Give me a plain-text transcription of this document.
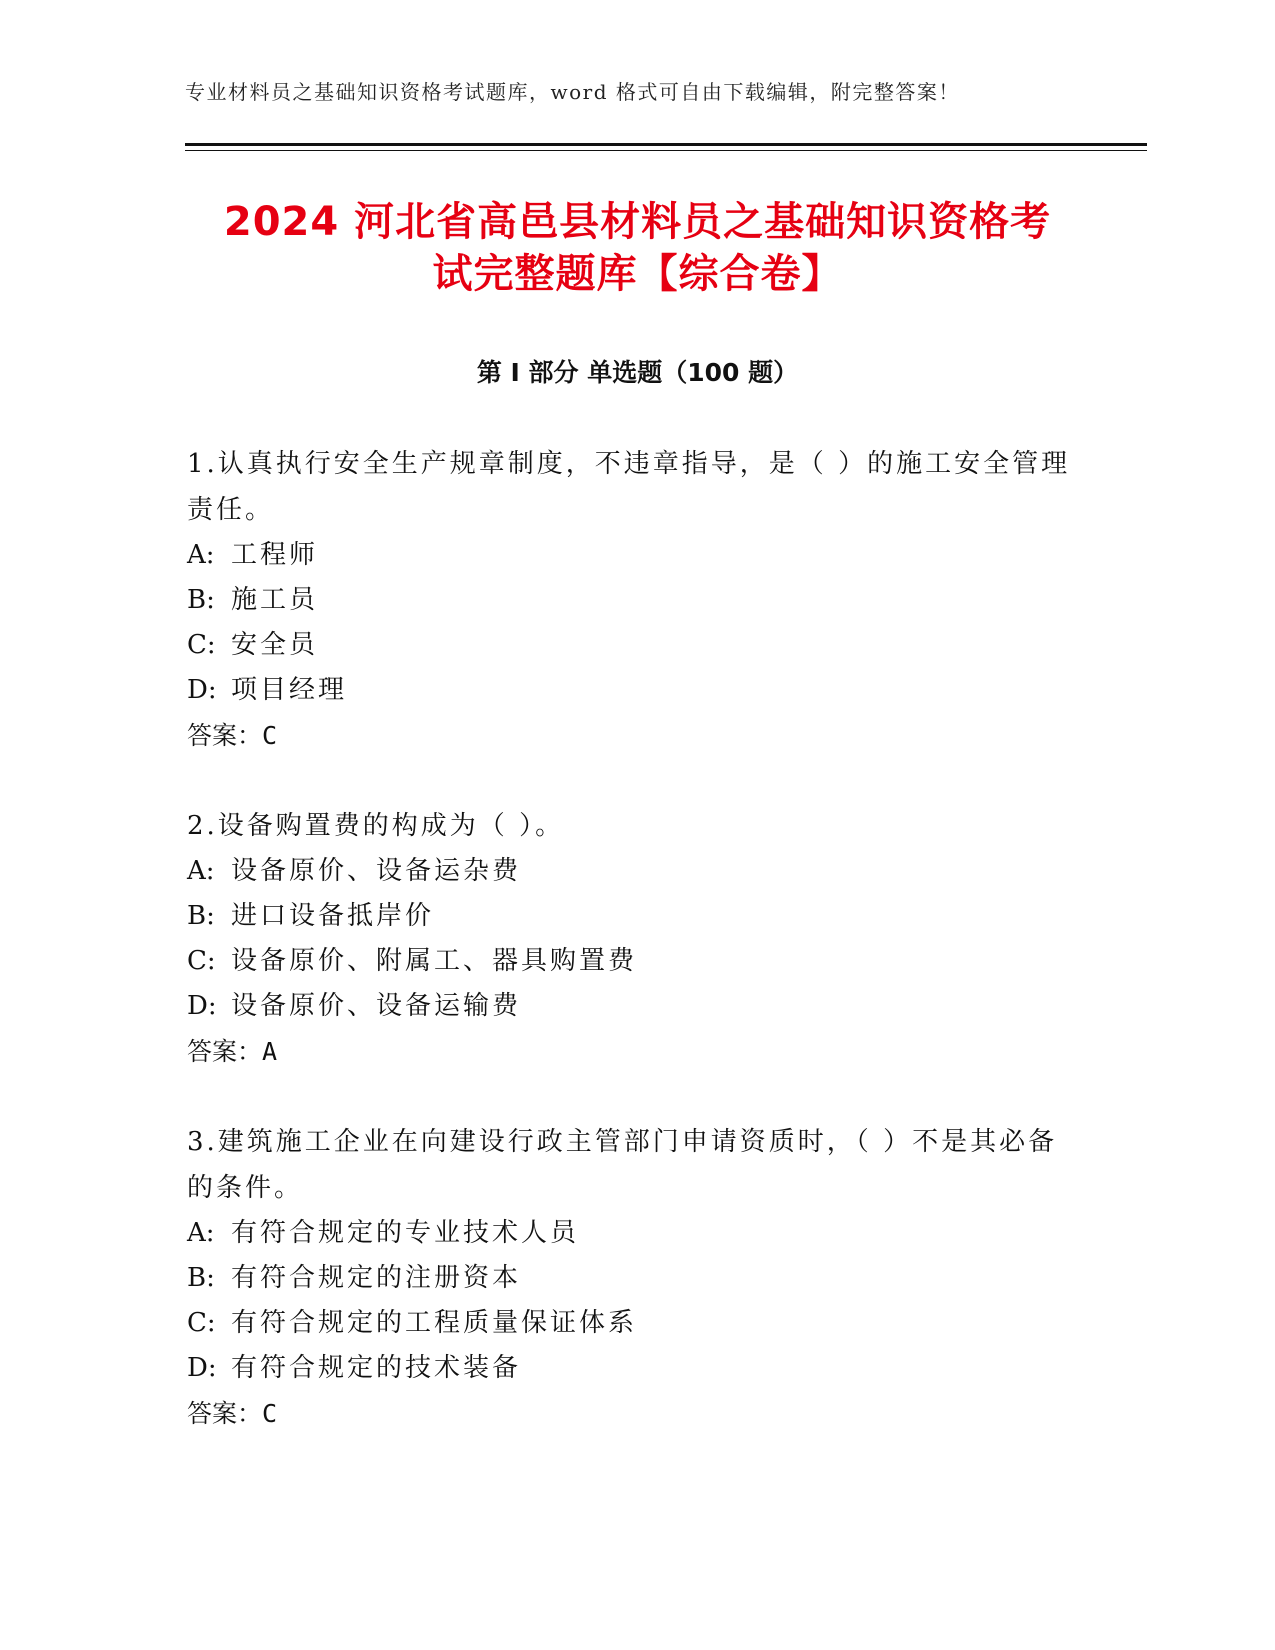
专业材料员之基础知识资格考试题库，word 格式可自由下载编辑，附完整答案！
2024 河北省高邑县材料员之基础知识资格考
试完整题库【综合卷】
第 I 部分 单选题（100 题）

1.认真执行安全生产规章制度，不违章指导，是（ ）的施工安全管理
责任。

A: 工程师

B: 施工员

C: 安全员

D: 项目经理

答案：C

2.设备购置费的构成为（ ）。

A: 设备原价、设备运杂费

B: 进口设备抵岸价

C: 设备原价、附属工、器具购置费

D: 设备原价、设备运输费

答案：A

3.建筑施工企业在向建设行政主管部门申请资质时，（ ）不是其必备
的条件。

A: 有符合规定的专业技术人员

B: 有符合规定的注册资本

C: 有符合规定的工程质量保证体系

D: 有符合规定的技术装备

答案：C
